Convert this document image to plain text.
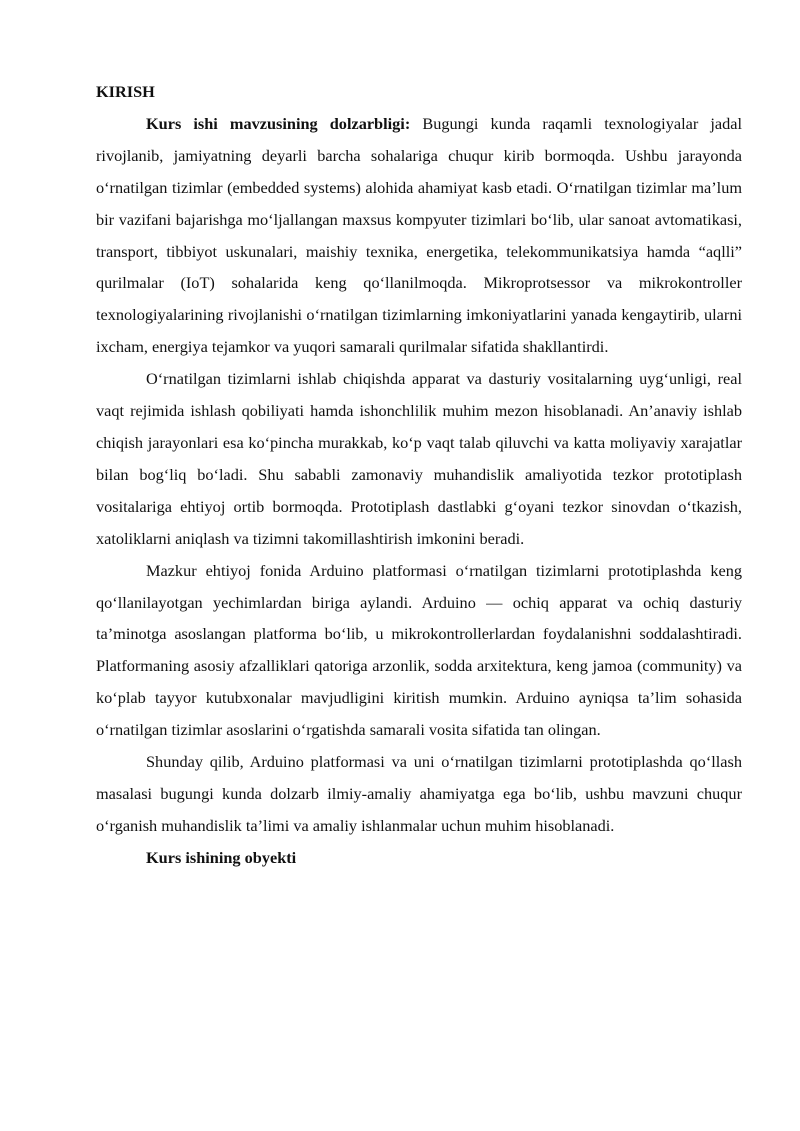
KIRISH

Kurs ishi mavzusining dolzarbligi: Bugungi kunda raqamli texnologiyalar jadal rivojlanib, jamiyatning deyarli barcha sohalariga chuqur kirib bormoqda. Ushbu jarayonda o‘rnatilgan tizimlar (embedded systems) alohida ahamiyat kasb etadi. O‘rnatilgan tizimlar ma’lum bir vazifani bajarishga mo‘ljallangan maxsus kompyuter tizimlari bo‘lib, ular sanoat avtomatikasi, transport, tibbiyot uskunalari, maishiy texnika, energetika, telekommunikatsiya hamda “aqlli” qurilmalar (IoT) sohalarida keng qo‘llanilmoqda. Mikroprotsessor va mikrokontroller texnologiyalarining rivojlanishi o‘rnatilgan tizimlarning imkoniyatlarini yanada kengaytirib, ularni ixcham, energiya tejamkor va yuqori samarali qurilmalar sifatida shakllantirdi.

O‘rnatilgan tizimlarni ishlab chiqishda apparat va dasturiy vositalarning uyg‘unligi, real vaqt rejimida ishlash qobiliyati hamda ishonchlilik muhim mezon hisoblanadi. An’anaviy ishlab chiqish jarayonlari esa ko‘pincha murakkab, ko‘p vaqt talab qiluvchi va katta moliyaviy xarajatlar bilan bog‘liq bo‘ladi. Shu sababli zamonaviy muhandislik amaliyotida tezkor prototiplash vositalariga ehtiyoj ortib bormoqda. Prototiplash dastlabki g‘oyani tezkor sinovdan o‘tkazish, xatoliklarni aniqlash va tizimni takomillashtirish imkonini beradi.

Mazkur ehtiyoj fonida Arduino platformasi o‘rnatilgan tizimlarni prototiplashda keng qo‘llanilayotgan yechimlardan biriga aylandi. Arduino — ochiq apparat va ochiq dasturiy ta’minotga asoslangan platforma bo‘lib, u mikrokontrollerlardan foydalanishni soddalashtiradi. Platformaning asosiy afzalliklari qatoriga arzonlik, sodda arxitektura, keng jamoa (community) va ko‘plab tayyor kutubxonalar mavjudligini kiritish mumkin. Arduino ayniqsa ta’lim sohasida o‘rnatilgan tizimlar asoslarini o‘rgatishda samarali vosita sifatida tan olingan.

Shunday qilib, Arduino platformasi va uni o‘rnatilgan tizimlarni prototiplashda qo‘llash masalasi bugungi kunda dolzarb ilmiy-amaliy ahamiyatga ega bo‘lib, ushbu mavzuni chuqur o‘rganish muhandislik ta’limi va amaliy ishlanmalar uchun muhim hisoblanadi.

Kurs ishining obyekti
